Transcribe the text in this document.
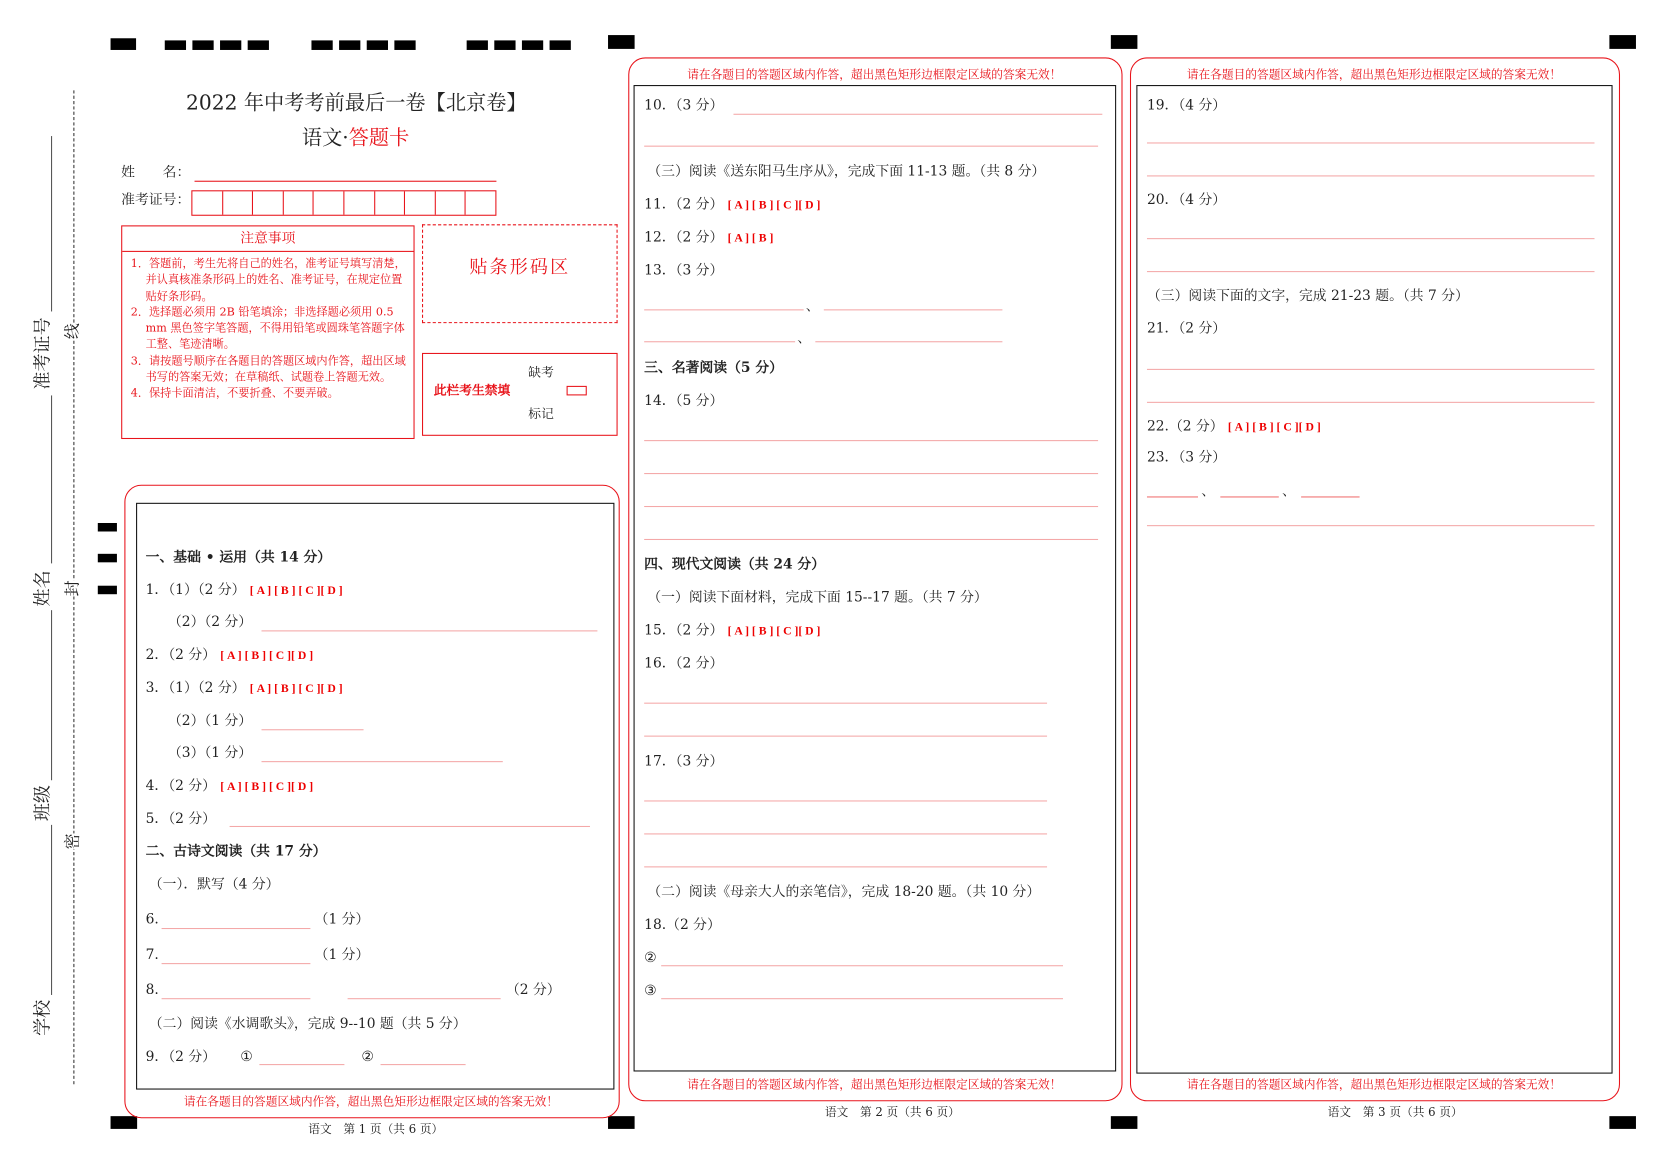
准考证号
姓名
班级
学校
线
封
密
2022 年中考考前最后一卷【北京卷】
语文·答题卡
姓　　名：
准考证号：
注意事项
1．答题前，考生先将自己的姓名，准考证号填写清楚，并认真核准条形码上的姓名、准考证号，在规定位置贴好条形码。
2．选择题必须用 2B 铅笔填涂；非选择题必须用 0.5 mm 黑色签字笔答题，不得用铅笔或圆珠笔答题字体工整、笔迹清晰。
3．请按题号顺序在各题目的答题区域内作答，超出区域书写的答案无效；在草稿纸、试题卷上答题无效。
4．保持卡面清洁，不要折叠、不要弄破。
贴条形码区
此栏考生禁填
缺考
标记
一、基础 • 运用（共 14 分）
1．（1）（2 分） [ A ] [ B ] [ C ][ D ]
（2）（2 分）
2．（2 分） [ A ] [ B ] [ C ][ D ]
3．（1）（2 分） [ A ] [ B ] [ C ][ D ]
（2）（1 分）
（3）（1 分）
4．（2 分） [ A ] [ B ] [ C ][ D ]
5．（2 分）
二、古诗文阅读（共 17 分）
（一）．默写（4 分）
6.	（1 分）
7.	（1 分）
8.	（2 分）
（二）阅读《水调歌头》，完成 9--10 题（共 5 分）
9．（2 分） ①	②
请在各题目的答题区域内作答，超出黑色矩形边框限定区域的答案无效！
语文　第 1 页（共 6 页）
请在各题目的答题区域内作答，超出黑色矩形边框限定区域的答案无效！
10．（3 分）
（三）阅读《送东阳马生序从》，完成下面 11-13 题。（共 8 分）
11．（2 分） [ A ] [ B ] [ C ][ D ]
12．（2 分） [ A ] [ B ]
13．（3 分）
、
、
三、名著阅读（5 分）
14．（5 分）
四、现代文阅读（共 24 分）
（一）阅读下面材料，完成下面 15--17 题。（共 7 分）
15．（2 分） [ A ] [ B ] [ C ][ D ]
16．（2 分）
17．（3 分）
（二）阅读《母亲大人的亲笔信》，完成 18-20 题。（共 10 分）
18.（2 分）
②
③
请在各题目的答题区域内作答，超出黑色矩形边框限定区域的答案无效！
语文　第 2 页（共 6 页）
请在各题目的答题区域内作答，超出黑色矩形边框限定区域的答案无效！
19．（4 分）
20．（4 分）
（三）阅读下面的文字，完成 21-23 题。（共 7 分）
21．（2 分）
22.（2 分） [ A ] [ B ] [ C ][ D ]
23．（3 分）
、	、
请在各题目的答题区域内作答，超出黑色矩形边框限定区域的答案无效！
语文　第 3 页（共 6 页）
